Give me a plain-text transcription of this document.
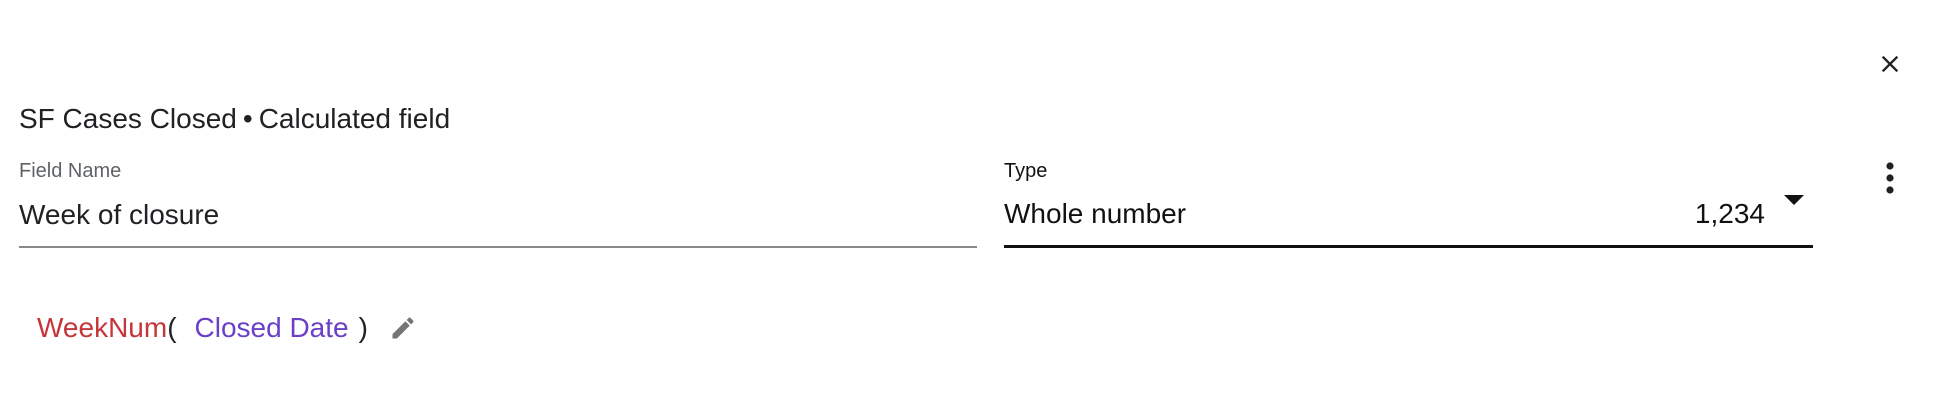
SF Cases Closed • Calculated field
Field Name
Week of closure	Type
Whole number	1,234
WeekNum ( Closed Date )
